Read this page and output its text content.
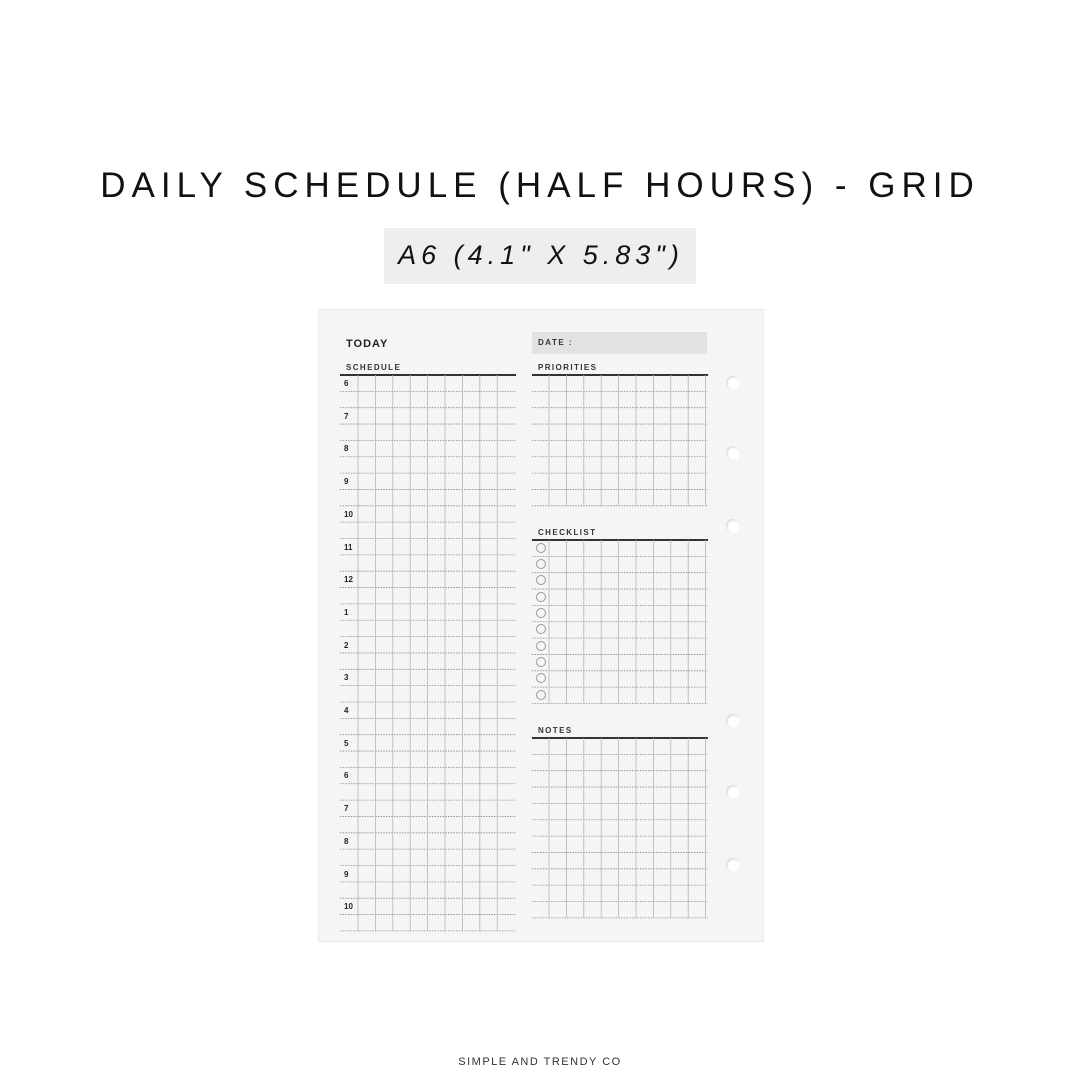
DAILY SCHEDULE (HALF HOURS) - GRID
A6 (4.1" X 5.83")
TODAY	DATE :
SCHEDULE	PRIORITIES
CHECKLIST
NOTES
6
7
8
9
10
11
12
1
2
3
4
5
6
7
8
9
10
SIMPLE AND TRENDY CO
